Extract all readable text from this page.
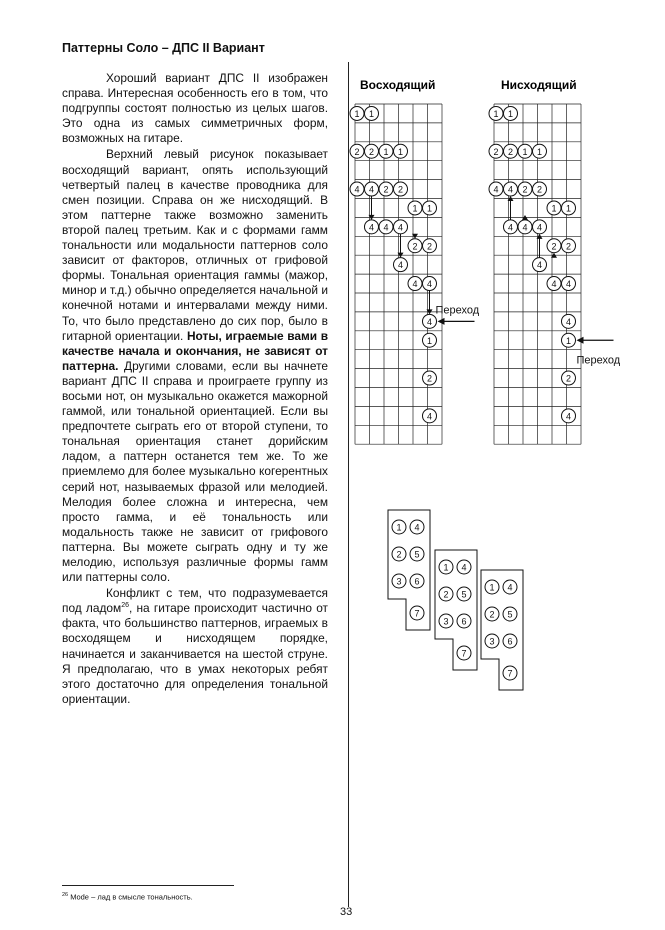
Паттерны Соло – ДПС II Вариант

Хороший вариант ДПС II изображен справа. Интересная особенность его в том, что подгруппы состоят полностью из целых шагов. Это одна из самых симметричных форм, возможных на гитаре.

Верхний левый рисунок показывает восходящий вариант, опять использующий четвертый палец в качестве проводника для смен позиции. Справа он же нисходящий. В этом паттерне также возможно заменить второй палец третьим. Как и с формами гамм тональности или модальности паттернов соло зависит от факторов, отличных от грифовой формы. Тональная ориентация гаммы (мажор, минор и т.д.) обычно определяется начальной и конечной нотами и интервалами между ними. То, что было представлено до сих пор, было в гитарной ориентации. Ноты, играемые вами в качестве начала и окончания, не зависят от паттерна. Другими словами, если вы начнете вариант ДПС II справа и проиграете группу из восьми нот, он музыкально окажется мажорной гаммой, или тональной ориентацией. Если вы предпочтете сыграть его от второй ступени, то тональная ориентация станет дорийским ладом, а паттерн останется тем же. То же приемлемо для более музыкально когерентных серий нот, называемых фразой или мелодией. Мелодия более сложна и интересна, чем просто гамма, и её тональность или модальность также не зависит от грифового паттерна. Вы можете сыграть одну и ту же мелодию, используя различные формы гамм или паттерны соло.

Конфликт с тем, что подразумевается под ладом$^{26}$, на гитаре происходит частично от факта, что большинство паттернов, играемых в восходящем и нисходящем порядке, начинается и заканчивается на шестой струне. Я предполагаю, что в умах некоторых ребят этого достаточно для определения тональной ориентации.

Восходящий
1 1
2 2 1 1
4 4 2 2
1 1
4 4 4
2 2
4
4 4
4
1
2
4
Переход
Нисходящий
1 1
2 2 1 1
4 4 2 2
1 1
4 4 4
2 2
4
4 4
4
1
2
4
Переход
1 4
2 5
3 6
7
1 4
2 5
3 6
7
1 4
2 5
3 6
7
$^{26}$ Mode – лад в смысле тональность.
33
